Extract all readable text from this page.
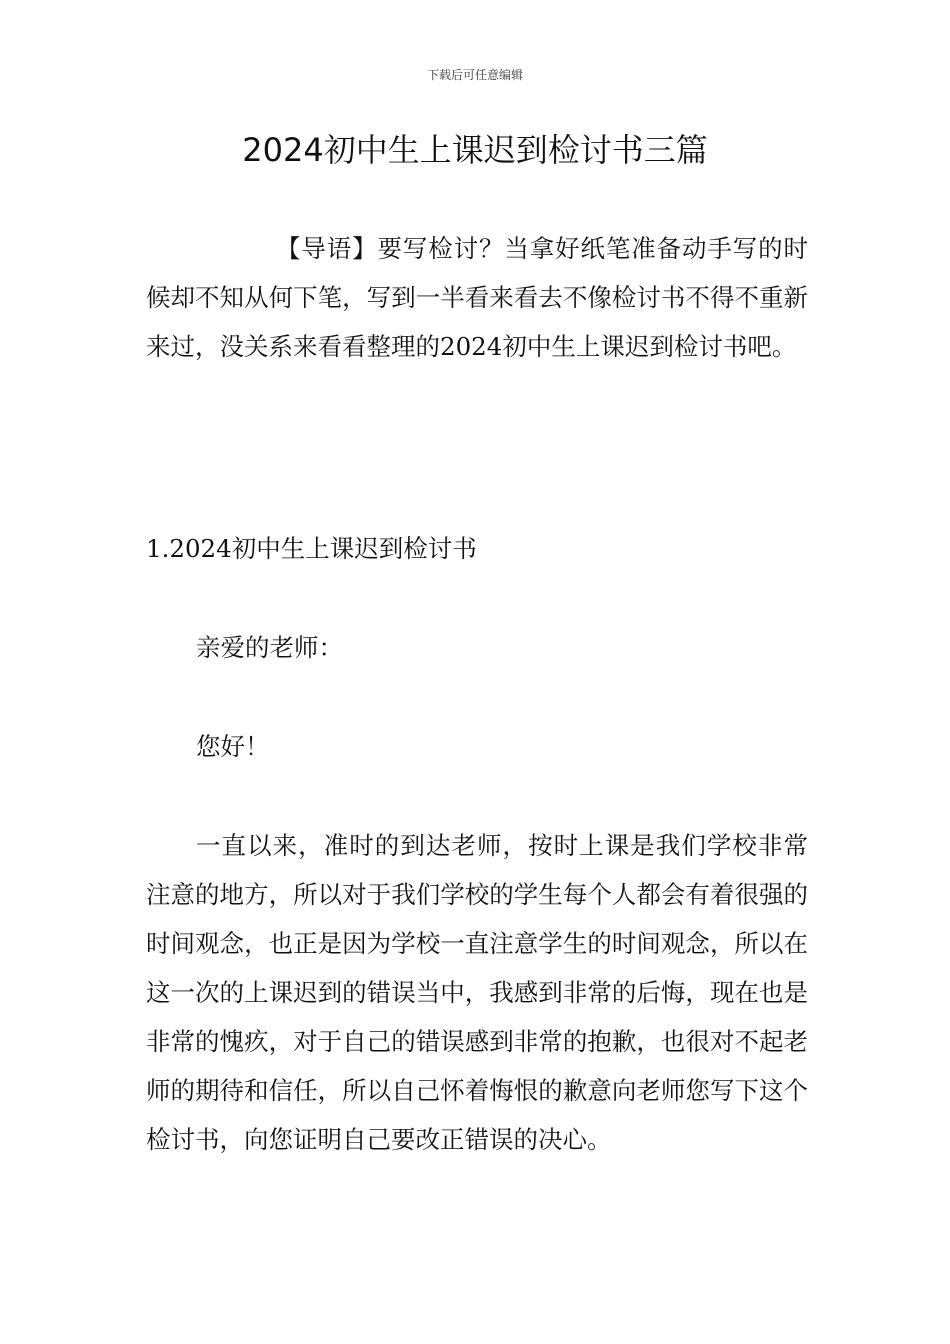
下载后可任意编辑
2024初中生上课迟到检讨书三篇

【导语】要写检讨？当拿好纸笔准备动手写的时候却不知从何下笔，写到一半看来看去不像检讨书不得不重新来过，没关系来看看整理的2024初中生上课迟到检讨书吧。

1.2024初中生上课迟到检讨书

亲爱的老师：

您好！

一直以来，准时的到达老师，按时上课是我们学校非常注意的地方，所以对于我们学校的学生每个人都会有着很强的时间观念，也正是因为学校一直注意学生的时间观念，所以在这一次的上课迟到的错误当中，我感到非常的后悔，现在也是非常的愧疚，对于自己的错误感到非常的抱歉，也很对不起老师的期待和信任，所以自己怀着悔恨的歉意向老师您写下这个检讨书，向您证明自己要改正错误的决心。
